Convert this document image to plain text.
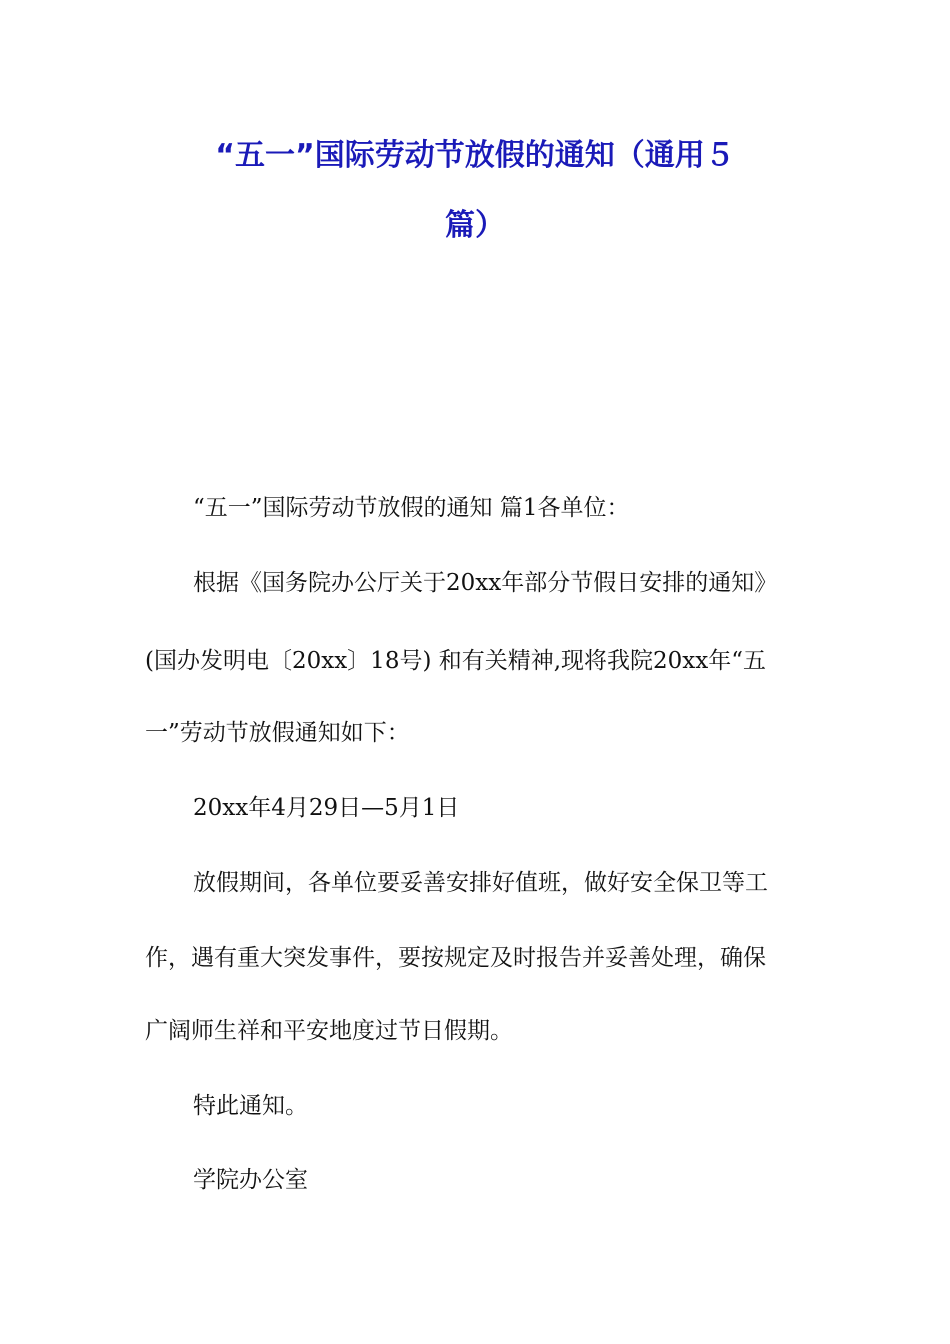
“五一”国际劳动节放假的通知（通用５
篇）
“五一”国际劳动节放假的通知 篇1各单位：
根据《国务院办公厅关于20xx年部分节假日安排的通知》
(国办发明电〔20xx〕18号) 和有关精神,现将我院20xx年“五
一”劳动节放假通知如下：
20xx年4月29日—5月1日
放假期间，各单位要妥善安排好值班，做好安全保卫等工
作，遇有重大突发事件，要按规定及时报告并妥善处理，确保
广阔师生祥和平安地度过节日假期。
特此通知。
学院办公室
